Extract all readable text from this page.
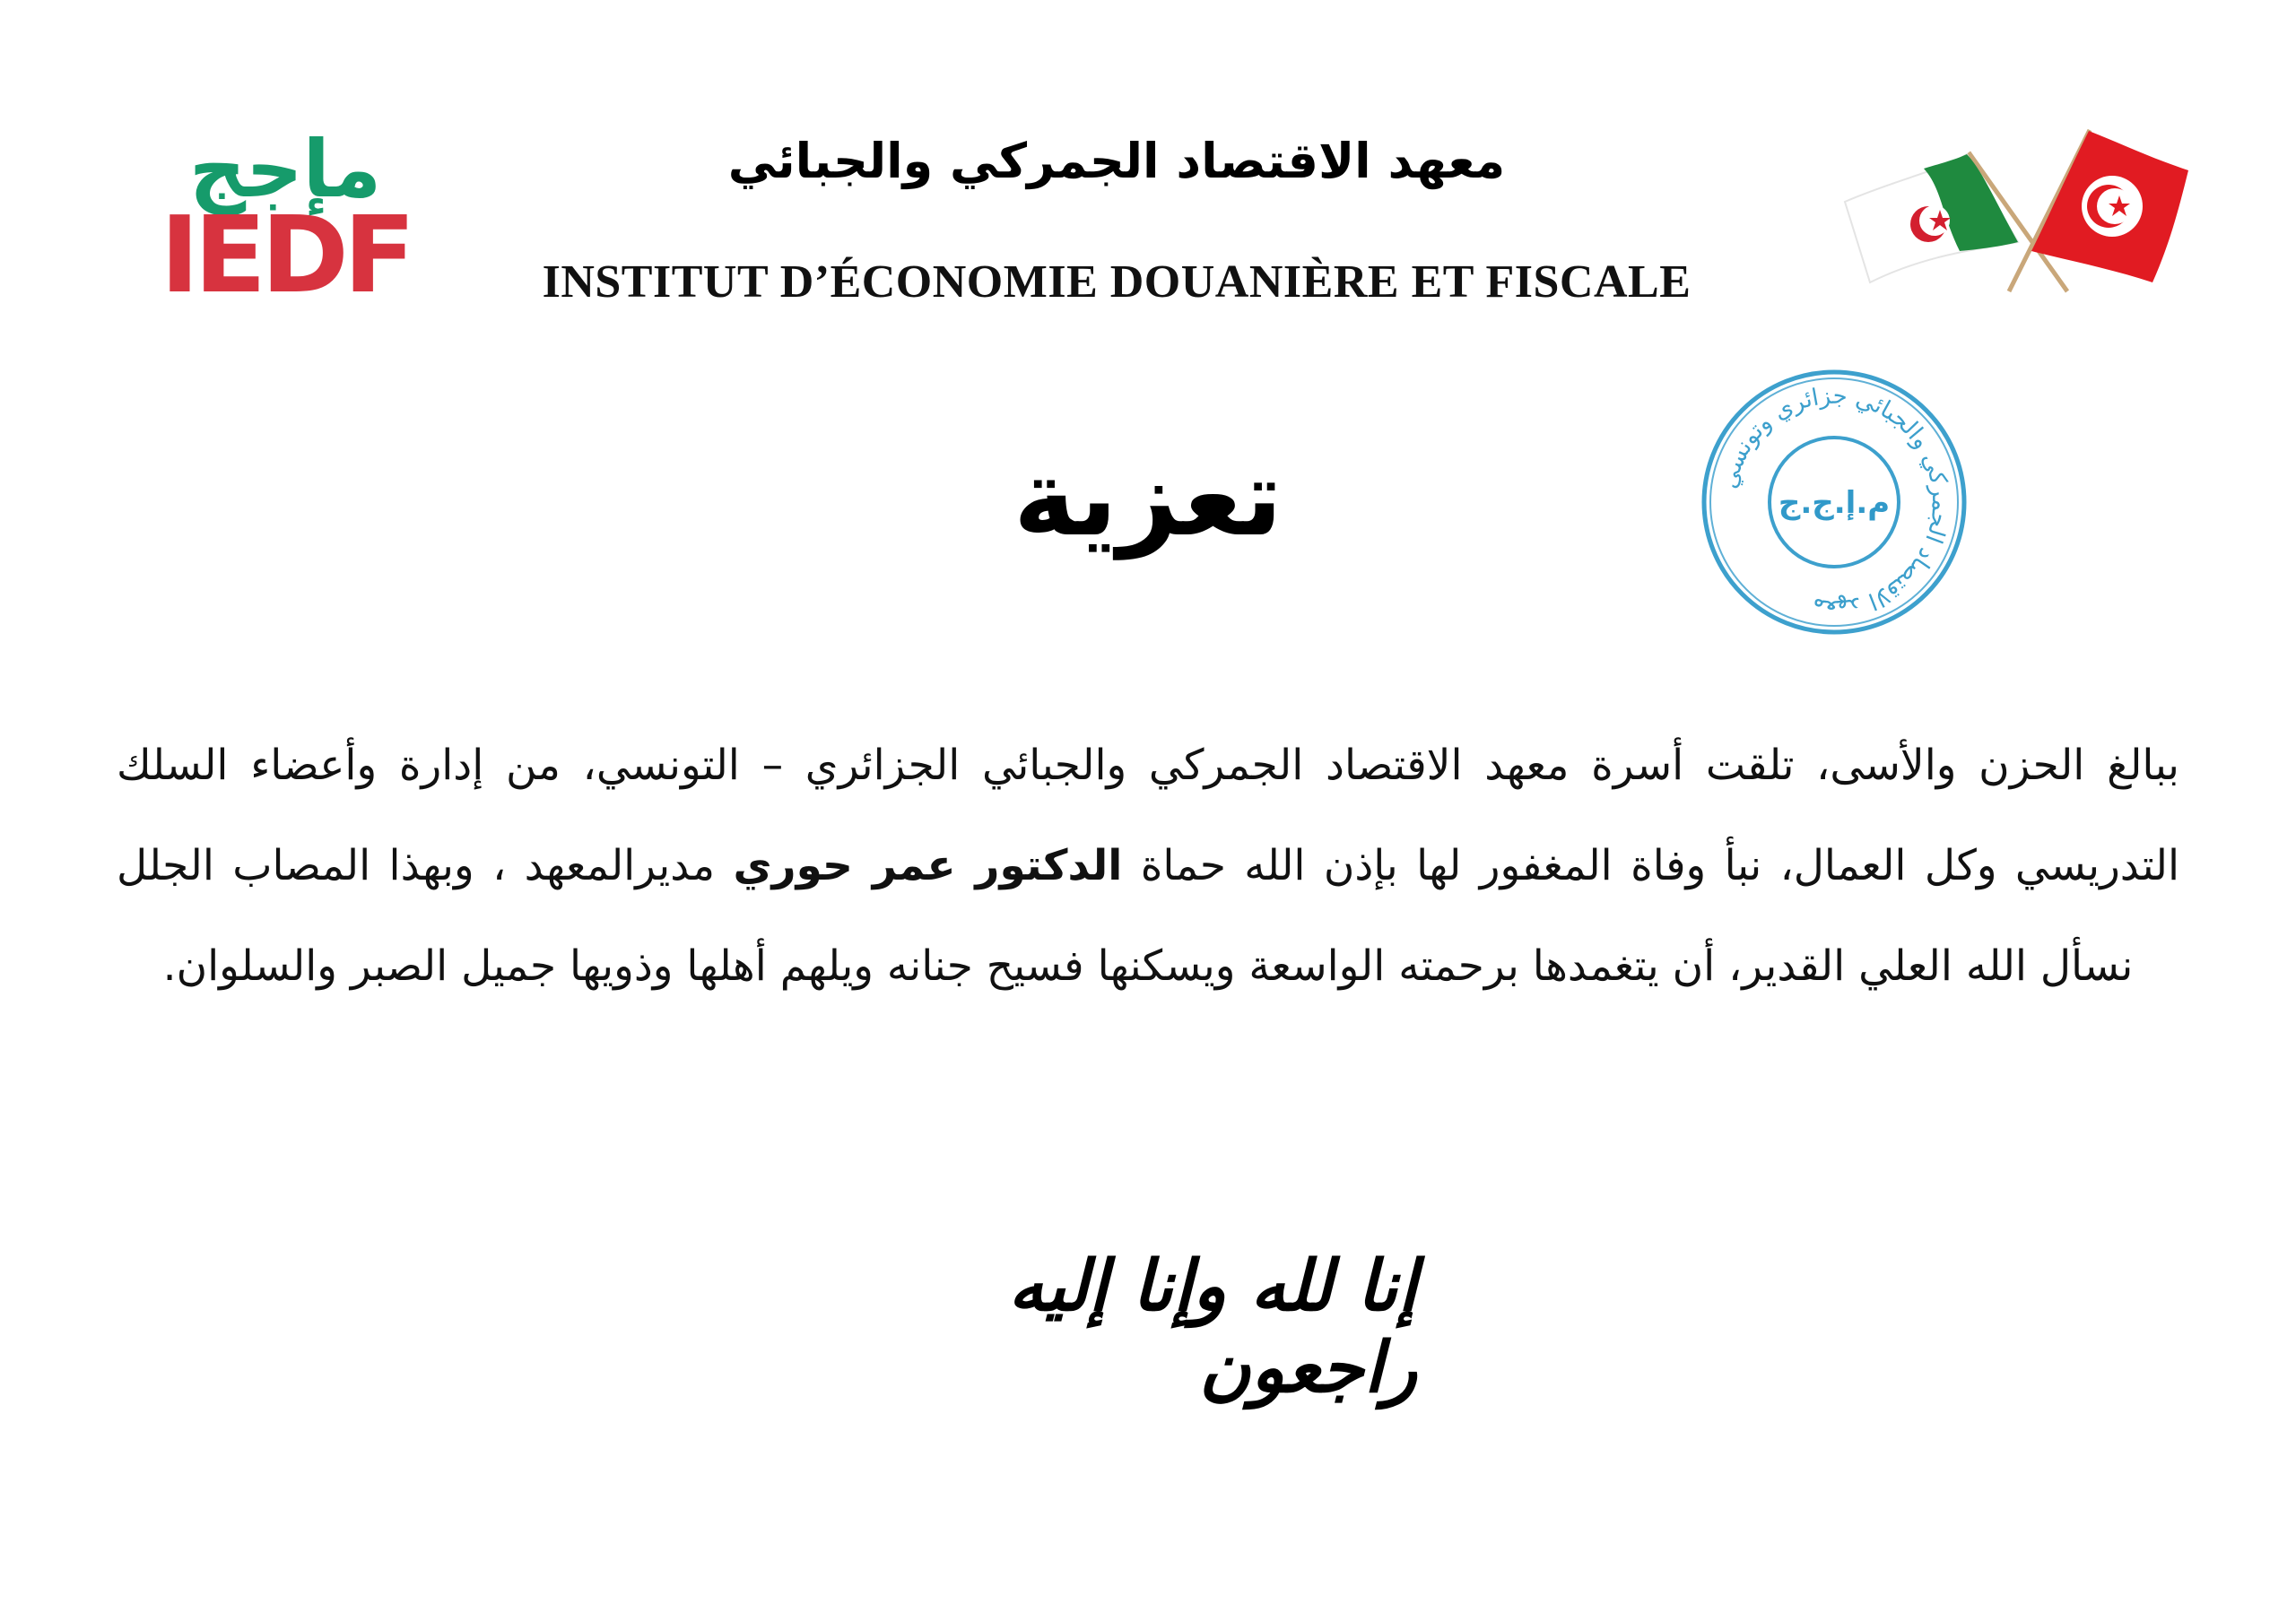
مإجج
IEDF
معهد الاقتصاد الجمركي والجبائي
INSTITUT D’ÉCONOMIE DOUANIÈRE ET FISCALE
معهد الاقتصاد الجمركي والجبائي جزائري وتونسي
م.إ.ج.ج
تعزية
ببالغ الحزن والأسى، تلقت أسرة معهد الاقتصاد الجمركي والجبائي الجزائري – التونسي، من إدارة وأعضاء السلك التدريسي وكل العمال، نبأ وفاة المغفور لها بإذن الله حماة الدكتور عمر حوري مديرالمعهد ، وبهذا المصاب الجلل نسأل الله العلي القدير، أن يتغمدها برحمته الواسعة ويسكنها فسيح جنانه ويلهم أهلها وذويها جميل الصبر والسلوان.
إنا لله وإنا إليه راجعون
